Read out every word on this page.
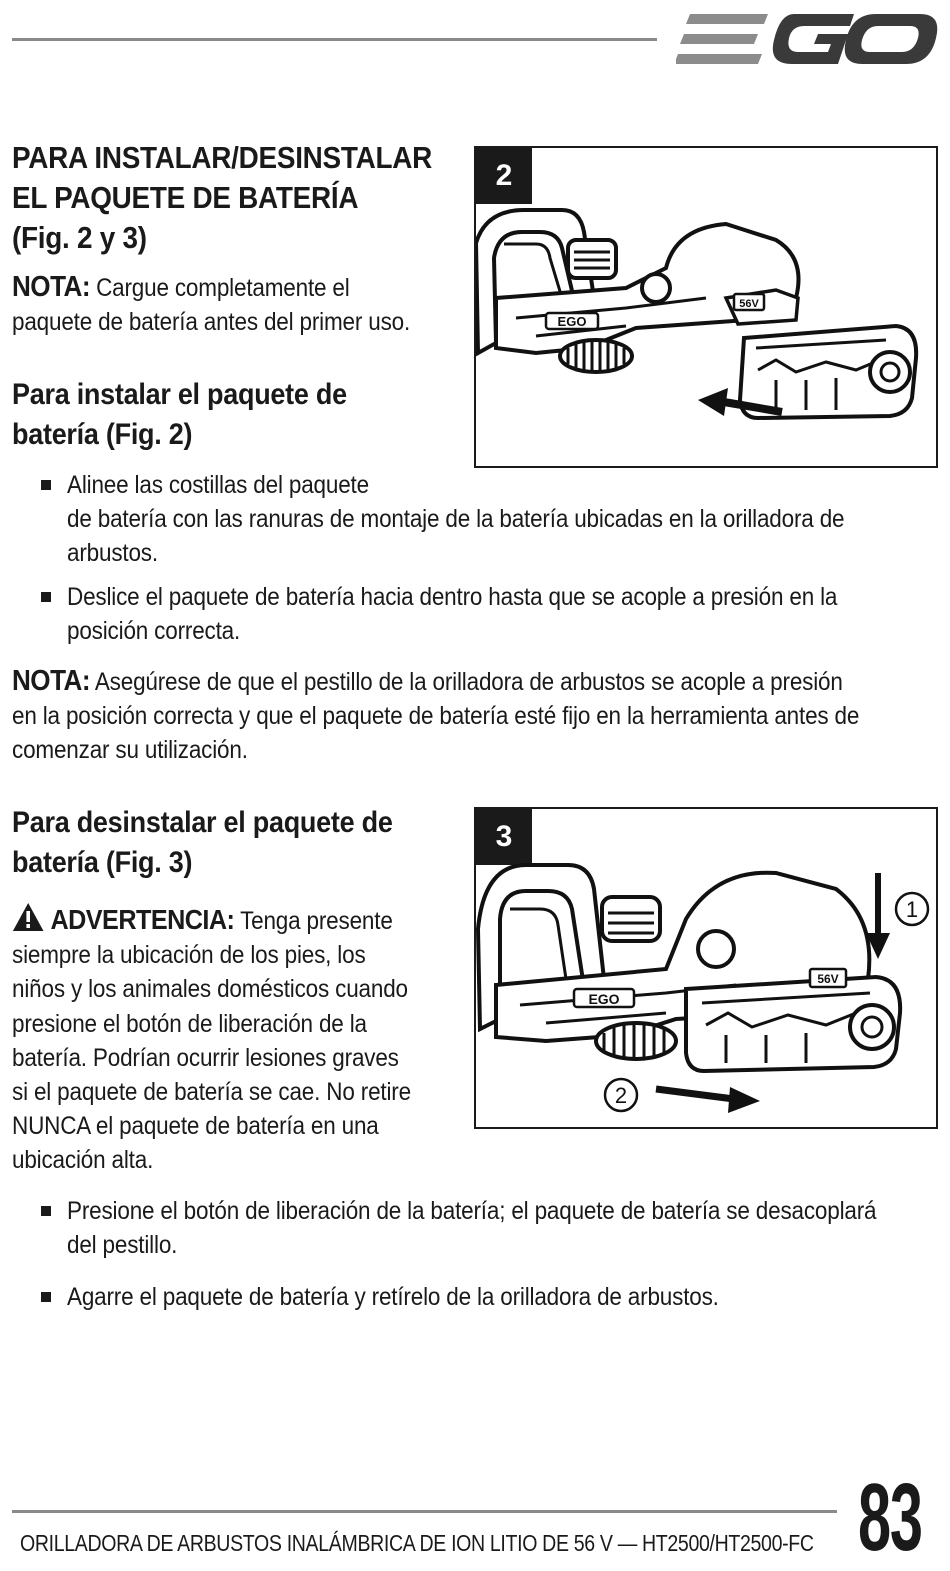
EGO
PARA INSTALAR/DESINSTALAR
EL PAQUETE DE BATERÍA
(Fig. 2 y 3)
NOTA: Cargue completamente el
paquete de batería antes del primer uso.
Para instalar el paquete de
batería (Fig. 2)
2
EGO
56V
Alinee las costillas del paquete
de batería con las ranuras de montaje de la batería ubicadas en la orilladora de
arbustos.
Deslice el paquete de batería hacia dentro hasta que se acople a presión en la
posición correcta.
NOTA: Asegúrese de que el pestillo de la orilladora de arbustos se acople a presión
en la posición correcta y que el paquete de batería esté fijo en la herramienta antes de
comenzar su utilización.
Para desinstalar el paquete de
batería (Fig. 3)
ADVERTENCIA: Tenga presente
siempre la ubicación de los pies, los
niños y los animales domésticos cuando
presione el botón de liberación de la
batería. Podrían ocurrir lesiones graves
si el paquete de batería se cae. No retire
NUNCA el paquete de batería en una
ubicación alta.
3
EGO
56V
1
2
Presione el botón de liberación de la batería; el paquete de batería se desacoplará
del pestillo.
Agarre el paquete de batería y retírelo de la orilladora de arbustos.
ORILLADORA DE ARBUSTOS INALÁMBRICA DE ION LITIO DE 56 V — HT2500/HT2500-FC 83
